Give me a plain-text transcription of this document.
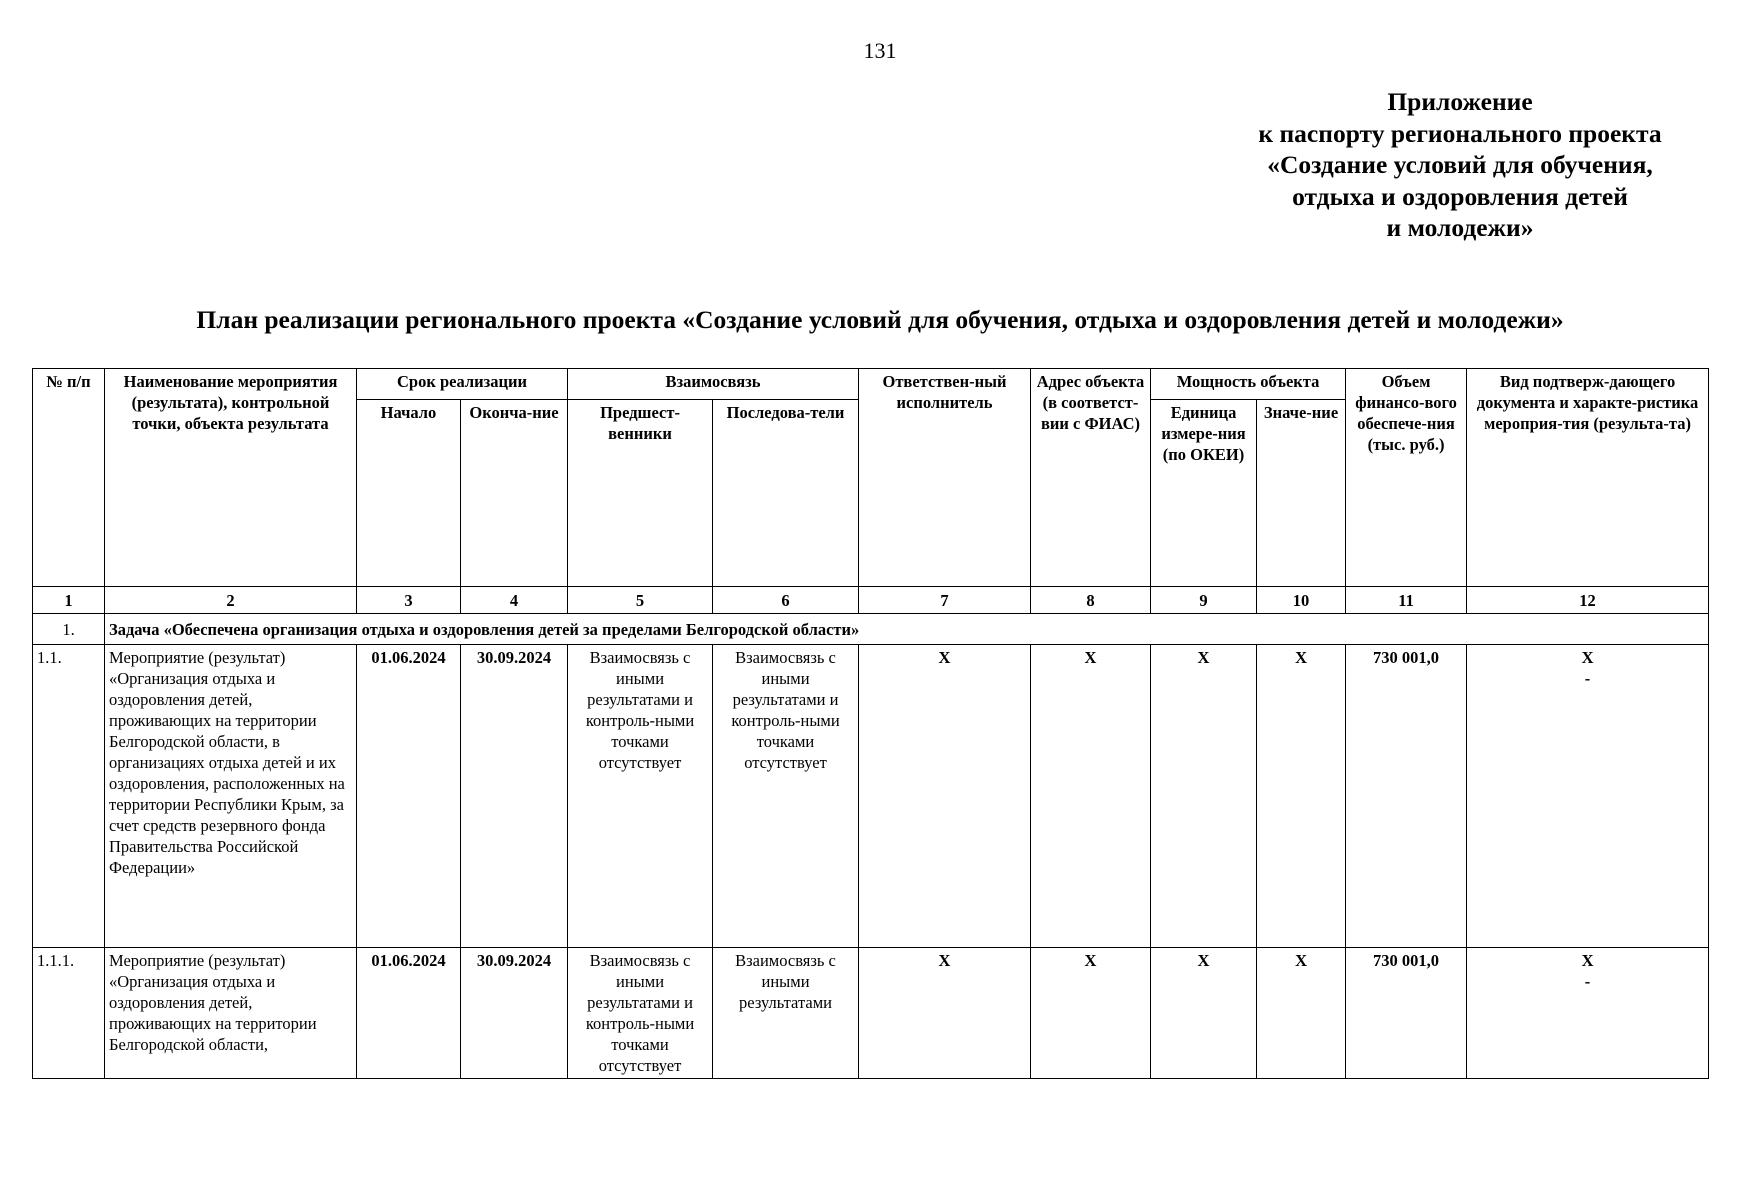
131
Приложение
к паспорту регионального проекта
«Создание условий для обучения,
отдыха и оздоровления детей
и молодежи»
План реализации регионального проекта «Создание условий для обучения, отдыха и оздоровления детей и молодежи»
№ п/п	Наименование мероприятия (результата), контрольной точки, объекта результата	Срок реализации		Взаимосвязь		Ответствен-ный исполнитель	Адрес объекта (в соответст-вии с ФИАС)	Мощность объекта		Объем финансо-вого обеспече-ния (тыс. руб.)	Вид подтверж-дающего документа и характе-ристика мероприя-тия (результа-та)
		Начало	Оконча-ние	Предшест-венники	Последова-тели			Единица измере-ния (по ОКЕИ)	Значе-ние		
1	2	3	4	5	6	7	8	9	10	11	12
1.	Задача «Обеспечена организация отдыха и оздоровления детей за пределами Белгородской области»										
1.1.	Мероприятие (результат) «Организация отдыха и оздоровления детей, проживающих на территории Белгородской области, в организациях отдыха детей и их оздоровления, расположенных на территории Республики Крым, за счет средств резервного фонда Правительства Российской Федерации»	01.06.2024	30.09.2024	Взаимосвязь с иными результатами и контроль-ными точками отсутствует	Взаимосвязь с иными результатами и контроль-ными точками отсутствует	X	X	X	X	730 001,0	X
-

1.1.1.	Мероприятие (результат) «Организация отдыха и оздоровления детей, проживающих на территории Белгородской области,	01.06.2024	30.09.2024	Взаимосвязь с иными результатами и контроль-ными точками отсутствует	Взаимосвязь с иными результатами	X	X	X	X	730 001,0	X
-
